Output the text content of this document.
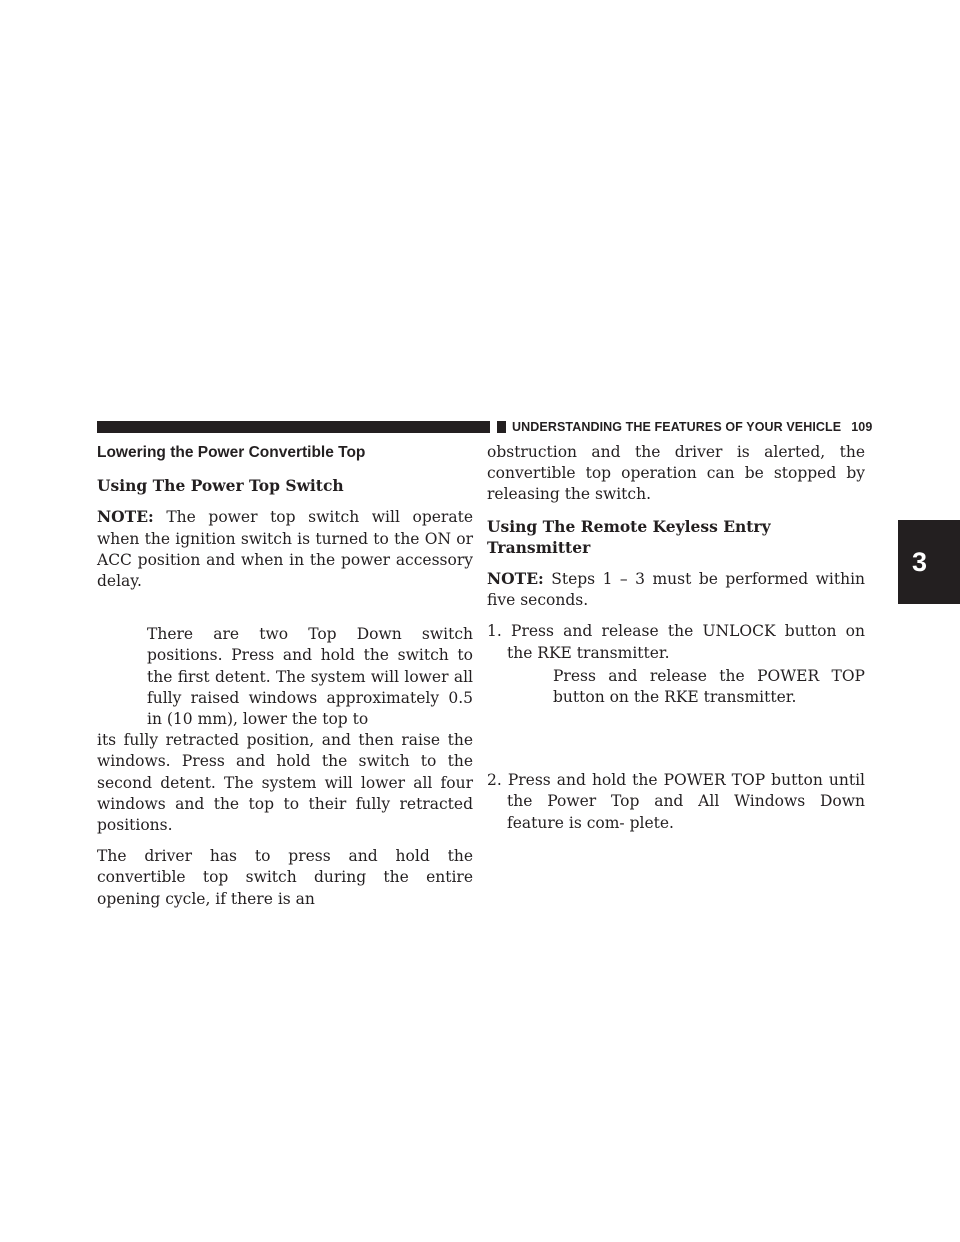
UNDERSTANDING THE FEATURES OF YOUR VEHICLE 109
3
Lowering the Power Convertible Top
Using The Power Top Switch

NOTE: The power top switch will operate when the ignition switch is turned to the ON or ACC position and when in the power accessory delay.

There are two Top Down switch positions. Press and hold the switch to the first detent. The system will lower all fully raised windows approximately 0.5 in (10 mm), lower the top to

its fully retracted position, and then raise the windows. Press and hold the switch to the second detent. The system will lower all four windows and the top to their fully retracted positions.

The driver has to press and hold the convertible top switch during the entire opening cycle, if there is an

obstruction and the driver is alerted, the convertible top operation can be stopped by releasing the switch.

Using The Remote Keyless Entry Transmitter

NOTE: Steps 1 – 3 must be performed within five seconds.

1. Press and release the UNLOCK button on the RKE transmitter.

Press and release the POWER TOP button on the RKE transmitter.

2. Press and hold the POWER TOP button until the Power Top and All Windows Down feature is com- plete.
